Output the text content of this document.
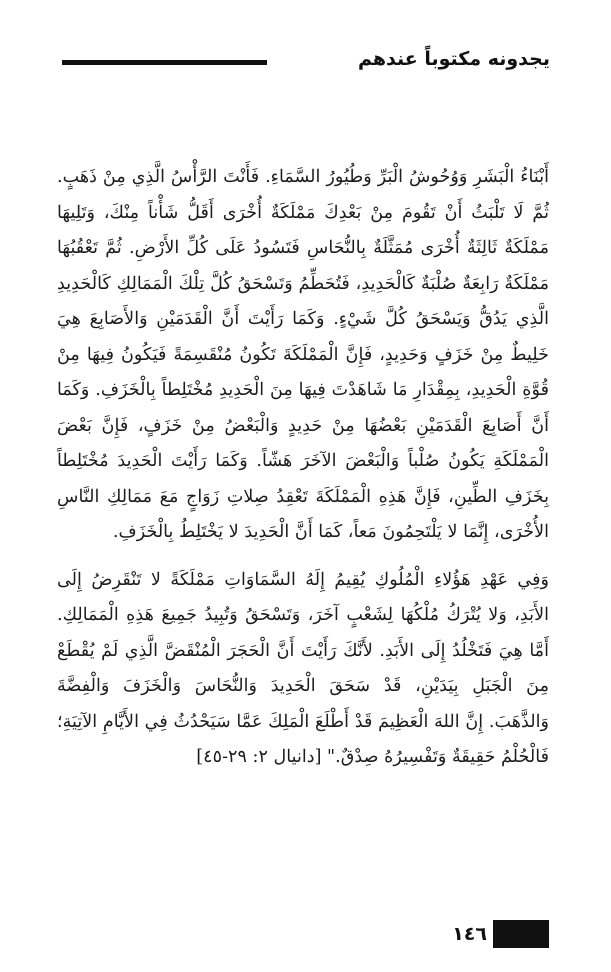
يجدونه مكتوباً عندهم

أَبْنَاءُ الْبَشَرِ وَوُحُوشُ الْبَرِّ وَطُيُورُ السَّمَاءِ. فَأَنْتَ الرَّأْسُ الَّذِي مِنْ ذَهَبٍ. ثُمَّ لَا تَلْبَثُ أَنْ تَقُومَ مِنْ بَعْدِكَ مَمْلَكَةٌ أُخْرَى أَقَلُّ شَأْناً مِنْكَ، وَتَلِيهَا مَمْلَكَةٌ ثَالِثَةٌ أُخْرَى مُمَثَّلَةٌ بِالنُّحَاسِ فَتَسُودُ عَلَى كُلِّ الأَرْضِ. ثُمَّ تَعْقُبُهَا مَمْلَكَةٌ رَابِعَةٌ صُلْبَةٌ كَالْحَدِيدِ، فَتُحَطِّمُ وَتَسْحَقُ كُلَّ تِلْكَ الْمَمَالِكِ كَالْحَدِيدِ الَّذِي يَدُقُّ وَيَسْحَقُ كُلَّ شَيْءٍ. وَكَمَا رَأَيْتَ أَنَّ الْقَدَمَيْنِ وَالأَصَابِعَ هِيَ خَلِيطٌ مِنْ خَزَفٍ وَحَدِيدٍ، فَإِنَّ الْمَمْلَكَةَ تَكُونُ مُنْقَسِمَةً فَيَكُونُ فِيهَا مِنْ قُوَّةِ الْحَدِيدِ، بِمِقْدَارِ مَا شَاهَدْتَ فِيهَا مِنَ الْحَدِيدِ مُخْتَلِطاً بِالْخَزَفِ. وَكَمَا أَنَّ أَصَابِعَ الْقَدَمَيْنِ بَعْضُهَا مِنْ حَدِيدٍ وَالْبَعْضُ مِنْ خَزَفٍ، فَإِنَّ بَعْضَ الْمَمْلَكَةِ يَكُونُ صُلْباً وَالْبَعْضَ الآخَرَ هَشّاً. وَكَمَا رَأَيْتَ الْحَدِيدَ مُخْتَلِطاً بِخَزَفِ الطِّينِ، فَإِنَّ هَذِهِ الْمَمْلَكَةَ تَعْقِدُ صِلاتِ زَوَاجٍ مَعَ مَمَالِكِ النَّاسِ الأُخْرَى، إِنَّمَا لا يَلْتَحِمُونَ مَعاً، كَمَا أَنَّ الْحَدِيدَ لا يَخْتَلِطُ بِالْخَزَفِ.

وَفِي عَهْدِ هَؤُلاءِ الْمُلُوكِ يُقِيمُ إِلَهُ السَّمَاوَاتِ مَمْلَكَةً لا تَنْقَرِضُ إِلَى الأَبَدِ، وَلا يُتْرَكُ مُلْكُهَا لِشَعْبٍ آخَرَ، وَتَسْحَقُ وَتُبِيدُ جَمِيعَ هَذِهِ الْمَمَالِكِ. أَمَّا هِيَ فَتَخْلُدُ إِلَى الأَبَدِ. لأَنَّكَ رَأَيْتَ أَنَّ الْحَجَرَ الْمُنْقَضَّ الَّذِي لَمْ يُقْطَعْ مِنَ الْجَبَلِ بِيَدَيْنِ، قَدْ سَحَقَ الْحَدِيدَ وَالنُّحَاسَ وَالْخَزَفَ وَالْفِضَّةَ وَالذَّهَبَ. إِنَّ اللهَ الْعَظِيمَ قَدْ أَطْلَعَ الْمَلِكَ عَمَّا سَيَحْدُثُ فِي الأَيَّامِ الآتِيَةِ؛ فَالْحُلْمُ حَقِيقَةٌ وَتَفْسِيرُهُ صِدْقٌ." [دانيال ٢: ٢٩-٤٥]

١٤٦
